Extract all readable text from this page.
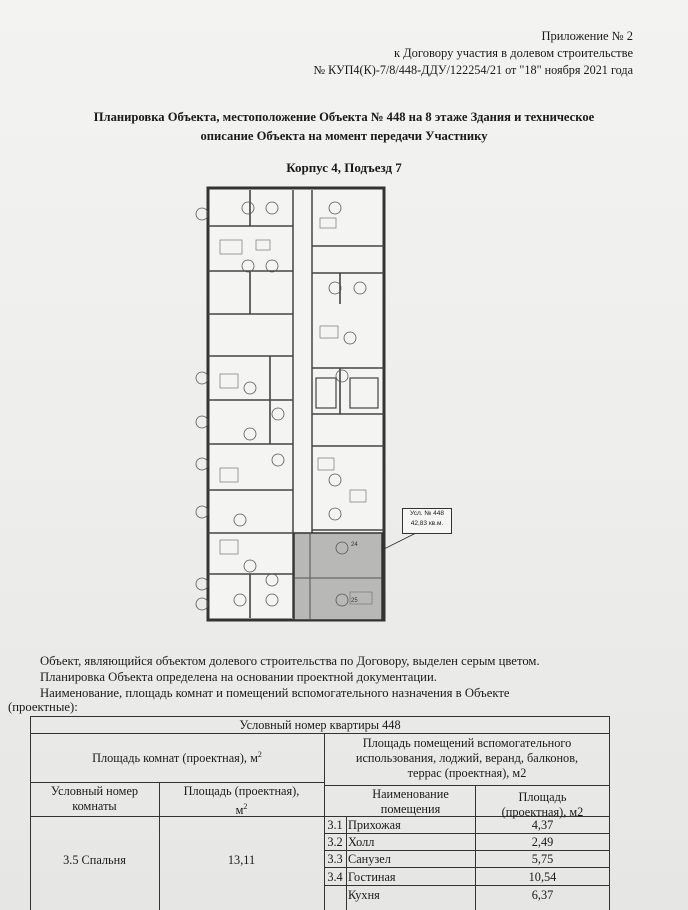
Приложение № 2
к Договору участия в долевом строительстве
№ КУП4(К)-7/8/448-ДДУ/122254/21 от "18" ноября 2021 года
Планировка Объекта, местоположение Объекта № 448 на 8 этаже Здания и техническое
описание Объекта на момент передачи Участнику
Корпус 4, Подъезд 7
24
25
Усл. № 448
42,83 кв.м.
Объект, являющийся объектом долевого строительства по Договору, выделен серым цветом.
Планировка Объекта определена на основании проектной документации.
Наименование, площадь комнат и помещений вспомогательного назначения в Объекте
(проектные):
Условный номер квартиры 448
Площадь комнат (проектная), $м^2$
Площадь помещений вспомогательного
использования, лоджий, веранд, балконов,
террас (проектная), м2
Условный номер
комнаты
Площадь (проектная),
$м^2$
Наименование
помещения
Площадь
(проектная), м2
3.5 Спальня	13,11
3.1 Прихожая	4,37
3.2 Холл	2,49
3.3 Санузел	5,75
3.4 Гостиная	10,54
Кухня	6,37
